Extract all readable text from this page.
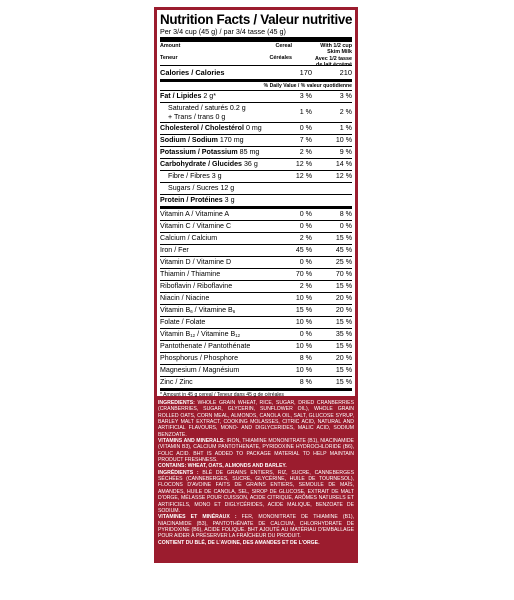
Nutrition Facts / Valeur nutritive
Per 3/4 cup (45 g) / par 3/4 tasse (45 g)

Amount

Teneur

Cereal

Céréales

With 1/2 cup

Skim Milk

Avec 1/2 tasse

de lait écrémé

Calories / Calories	170	210
% Daily Value / % valeur quotidienne
Fat / Lipides 2 g*	3 %	3 %
Saturated / saturés 0.2 g
+ Trans / trans 0 g
1 %	2 %
Cholesterol / Cholestérol 0 mg	0 %	1 %
Sodium / Sodium 170 mg	7 %	10 %
Potassium / Potassium 85 mg	2 %	9 %
Carbohydrate / Glucides 36 g	12 %	14 %
Fibre / Fibres 3 g	12 %	12 %
Sugars / Sucres 12 g
Protein / Protéines 3 g
Vitamin A / Vitamine A	0 %	8 %
Vitamin C / Vitamine C	0 %	0 %
Calcium / Calcium	2 %	15 %
Iron / Fer	45 %	45 %
Vitamin D / Vitamine D	0 %	25 %
Thiamin / Thiamine	70 %	70 %
Riboflavin / Riboflavine	2 %	15 %
Niacin / Niacine	10 %	20 %
Vitamin $B_6$ / Vitamine $B_6$	15 %	20 %
Folate / Folate	10 %	15 %
Vitamin $B_{12}$ / Vitamine $B_{12}$	0 %	35 %
Pantothenate / Pantothénate	10 %	15 %
Phosphorus / Phosphore	8 %	20 %
Magnesium / Magnésium	10 %	15 %
Zinc / Zinc	8 %	15 %
* Amount in 45 g cereal / Teneur dans 45 g de céréales

INGREDIENTS: WHOLE GRAIN WHEAT, RICE, SUGAR, DRIED CRANBERRIES (CRANBERRIES, SUGAR, GLYCERIN, SUNFLOWER OIL), WHOLE GRAIN ROLLED OATS, CORN MEAL, ALMONDS, CANOLA OIL, SALT, GLUCOSE SYRUP, BARLEY MALT EXTRACT, COOKING MOLASSES, CITRIC ACID, NATURAL AND ARTIFICIAL FLAVOURS, MONO- AND DIGLYCERIDES, MALIC ACID, SODIUM BENZOATE.

VITAMINS AND MINERALS: IRON, THIAMINE MONONITRATE (B1), NIACINAMIDE (VITAMIN B3), CALCIUM PANTOTHENATE, PYRIDOXINE HYDROCHLORIDE (B6), FOLIC ACID. BHT IS ADDED TO PACKAGE MATERIAL TO HELP MAINTAIN PRODUCT FRESHNESS.

CONTAINS: WHEAT, OATS, ALMONDS AND BARLEY.

INGRÉDIENTS : BLÉ DE GRAINS ENTIERS, RIZ, SUCRE, CANNEBERGES SÉCHÉES (CANNEBERGES, SUCRE, GLYCÉRINE, HUILE DE TOURNESOL), FLOCONS D'AVOINE FAITS DE GRAINS ENTIERS, SEMOULE DE MAÏS, AMANDES, HUILE DE CANOLA, SEL, SIROP DE GLUCOSE, EXTRAIT DE MALT D'ORGE, MÉLASSE POUR CUISSON, ACIDE CITRIQUE, ARÔMES NATURELS ET ARTIFICIELS, MONO ET DIGLYCÉRIDES, ACIDE MALIQUE, BENZOATE DE SODIUM.

VITAMINES ET MINÉRAUX : FER, MONONITRATE DE THIAMINE (B1), NIACINAMIDE (B3), PANTOTHÉNATE DE CALCIUM, CHLORHYDRATE DE PYRIDOXINE (B6), ACIDE FOLIQUE. BHT AJOUTÉ AU MATÉRIAU D'EMBALLAGE POUR AIDER À PRÉSERVER LA FRAÎCHEUR DU PRODUIT.

CONTIENT DU BLÉ, DE L'AVOINE, DES AMANDES ET DE L'ORGE.
